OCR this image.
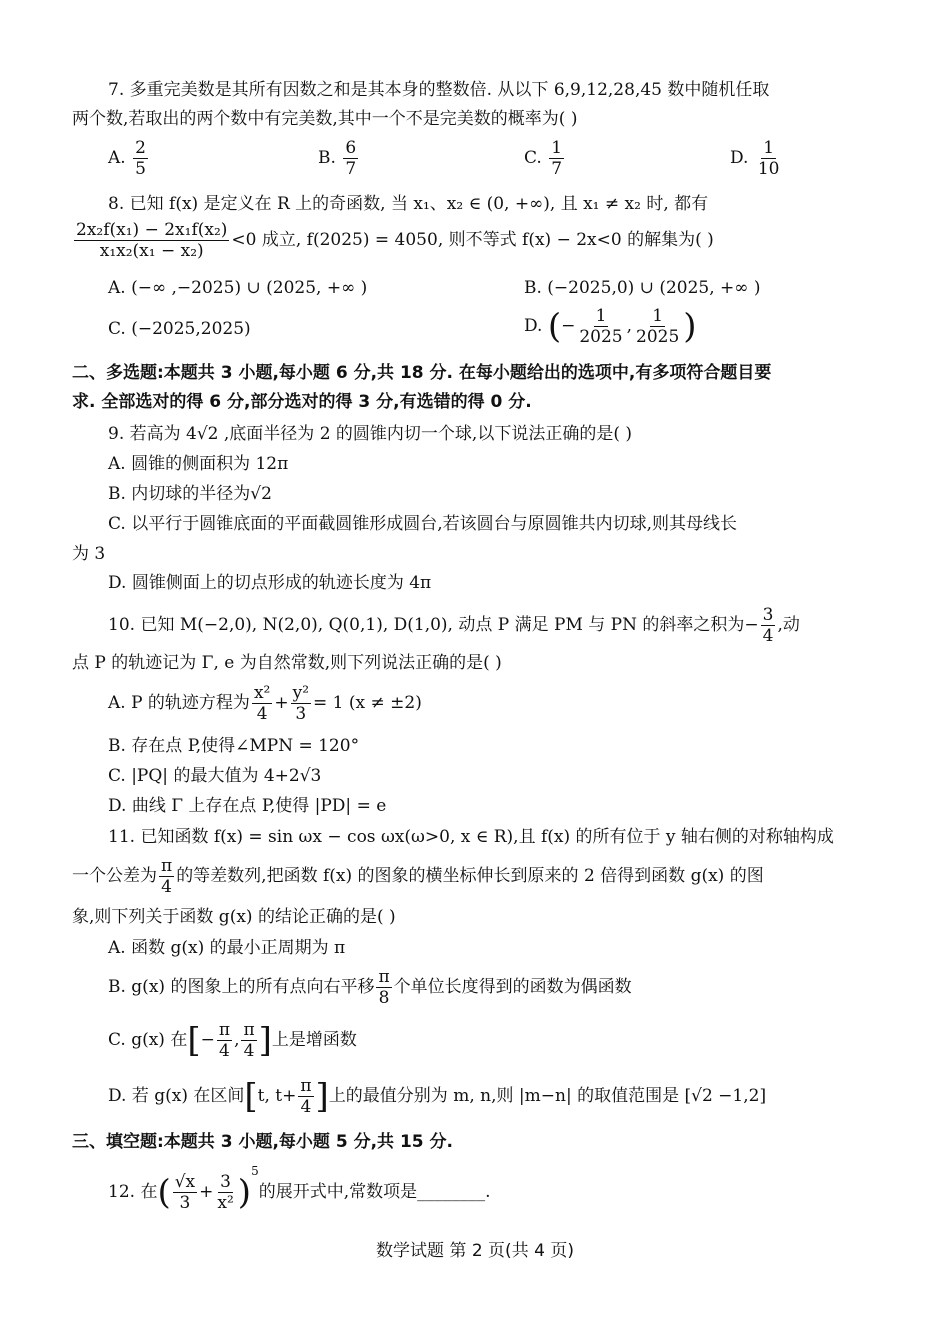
7. 多重完美数是其所有因数之和是其本身的整数倍. 从以下 6,9,12,28,45 数中随机任取
两个数,若取出的两个数中有完美数,其中一个不是完美数的概率为( )
A. $\frac{2}{5}$	B. $\frac{6}{7}$	C. $\frac{1}{7}$	D. $\frac{1}{10}$
8. 已知 f(x) 是定义在 R 上的奇函数, 当 x₁、x₂ ∈ (0, +∞), 且 x₁ ≠ x₂ 时, 都有
$\frac{\text{2x₂f(x₁) − 2x₁f(x₂)}}{\text{x₁x₂(x₁ − x₂)}} <0$ 成立, f(2025) = 4050, 则不等式 f(x) − 2x<0 的解集为( )
A. (−∞ ,−2025) ∪ (2025, +∞ )	B. (−2025,0) ∪ (2025, +∞ )
C. (−2025,2025)	D. (− $\frac{1}{2025}$ , $\frac{1}{2025}$ )
二、多选题:本题共 3 小题,每小题 6 分,共 18 分. 在每小题给出的选项中,有多项符合题目要
求. 全部选对的得 6 分,部分选对的得 3 分,有选错的得 0 分.
9. 若高为 4√2 ,底面半径为 2 的圆锥内切一个球,以下说法正确的是( )
A. 圆锥的侧面积为 12π
B. 内切球的半径为√2
C. 以平行于圆锥底面的平面截圆锥形成圆台,若该圆台与原圆锥共内切球,则其母线长
为 3
D. 圆锥侧面上的切点形成的轨迹长度为 4π
10. 已知 M(−2,0), N(2,0), Q(0,1), D(1,0), 动点 P 满足 PM 与 PN 的斜率之积为− $\frac{3}{4}$ ,动
点 P 的轨迹记为 Γ, e 为自然常数,则下列说法正确的是( )
A. P 的轨迹方程为 $\frac{\text{x²}}{4} + \frac{\text{y²}}{3} = 1$ (x ≠ ±2)
B. 存在点 P,使得∠MPN = 120°
C. |PQ| 的最大值为 4+2√3
D. 曲线 Γ 上存在点 P,使得 |PD| = e
11. 已知函数 f(x) = sin ωx − cos ωx(ω>0, x ∈ R),且 f(x) 的所有位于 y 轴右侧的对称轴构成
一个公差为 $\frac{\pi}{4}$ 的等差数列,把函数 f(x) 的图象的横坐标伸长到原来的 2 倍得到函数 g(x) 的图
象,则下列关于函数 g(x) 的结论正确的是( )
A. 函数 g(x) 的最小正周期为 π
B. g(x) 的图象上的所有点向右平移 $\frac{\pi}{8}$ 个单位长度得到的函数为偶函数
C. g(x) 在[− $\frac{\pi}{4}$ , $\frac{\pi}{4}$ ]上是增函数
D. 若 g(x) 在区间[t, $t+ \frac{\pi}{4}$ ]上的最值分别为 m, n,则 |m−n| 的取值范围是 [√2 −1,2]
三、填空题:本题共 3 小题,每小题 5 分,共 15 分.
12. 在( $\frac{√x}{3} + \frac{3}{\text{x²}} )^5$的展开式中,常数项是________.
数学试题 第 2 页(共 4 页)
